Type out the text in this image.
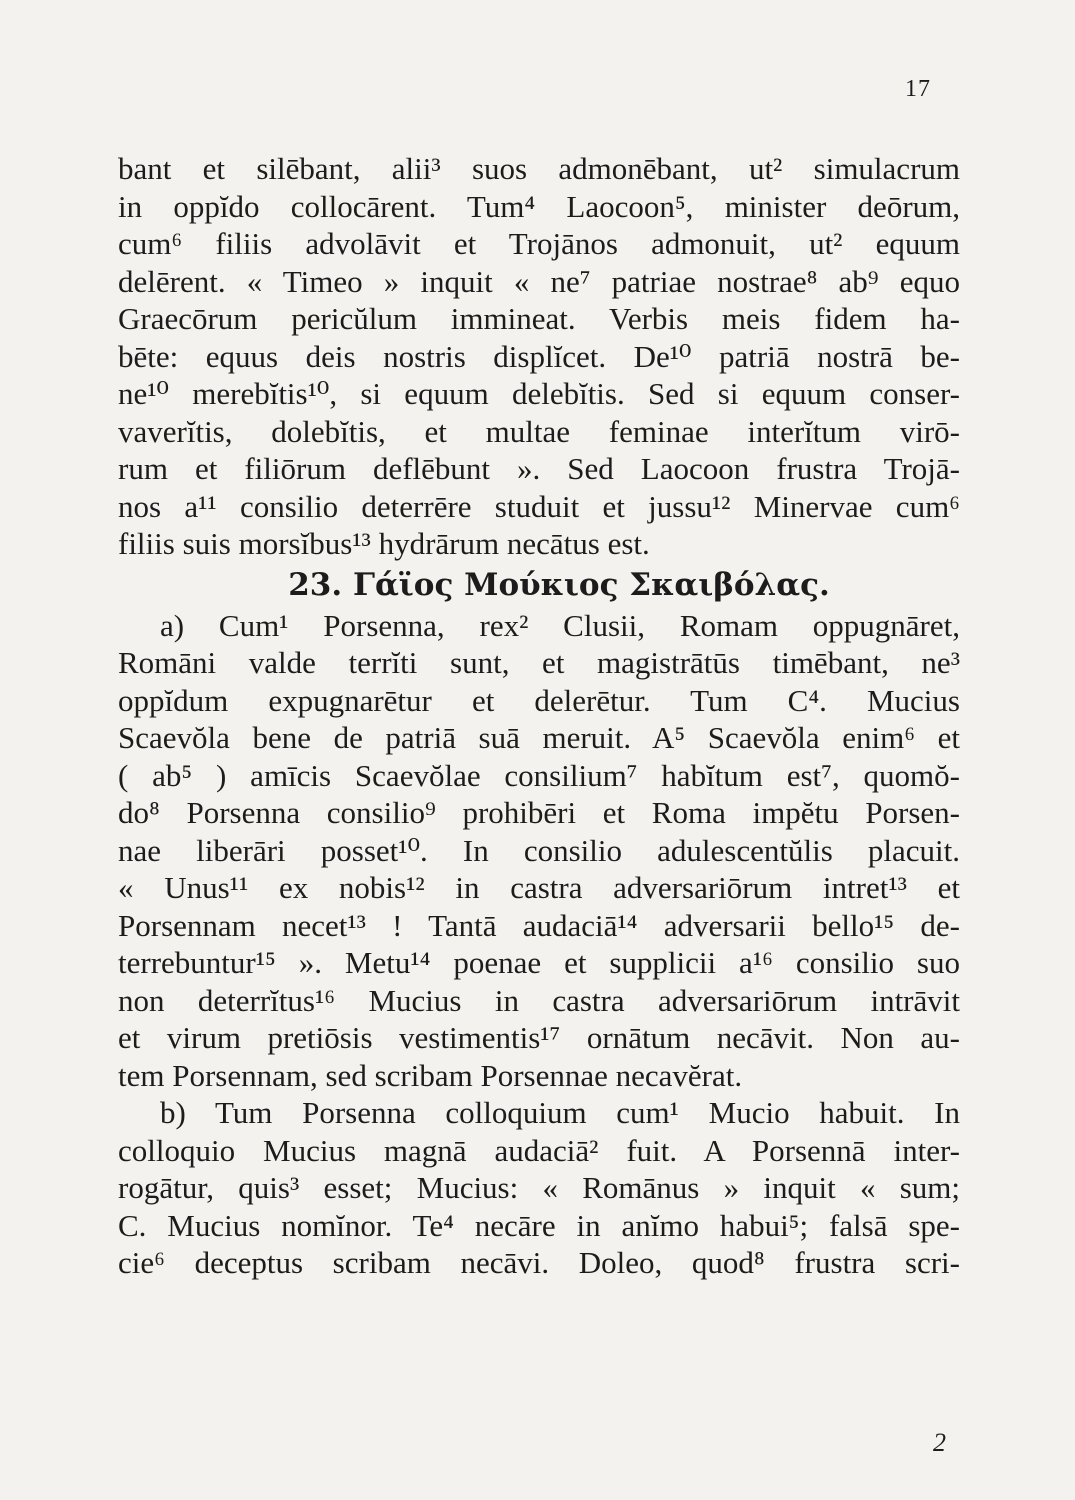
17
bant et silēbant, alii³ suos admonēbant, ut² simulacrum
in oppĭdo collocārent. Tum⁴ Laocoon⁵, minister deōrum,
cum⁶ filiis advolāvit et Trojānos admonuit, ut² equum
delērent. « Timeo » inquit « ne⁷ patriae nostrae⁸ ab⁹ equo
Graecōrum pericŭlum immineat. Verbis meis fidem ha-
bēte: equus deis nostris displĭcet. De¹⁰ patriā nostrā be-
ne¹⁰ merebĭtis¹⁰, si equum delebĭtis. Sed si equum conser-
vaverĭtis, dolebĭtis, et multae feminae interĭtum virō-
rum et filiōrum deflēbunt ». Sed Laocoon frustra Trojā-
nos a¹¹ consilio deterrēre studuit et jussu¹² Minervae cum⁶
filiis suis morsĭbus¹³ hydrārum necātus est.
23. Γάϊος Μούκιος Σκαιβόλας.
a) Cum¹ Porsenna, rex² Clusii, Romam oppugnāret,
Romāni valde terrĭti sunt, et magistrātūs timēbant, ne³
oppĭdum expugnarētur et delerētur. Tum C⁴. Mucius
Scaevŏla bene de patriā suā meruit. A⁵ Scaevŏla enim⁶ et
( ab⁵ ) amīcis Scaevŏlae consilium⁷ habĭtum est⁷, quomŏ-
do⁸ Porsenna consilio⁹ prohibēri et Roma impĕtu Porsen-
nae liberāri posset¹⁰. In consilio adulescentŭlis placuit.
« Unus¹¹ ex nobis¹² in castra adversariōrum intret¹³ et
Porsennam necet¹³ ! Tantā audaciā¹⁴ adversarii bello¹⁵ de-
terrebuntur¹⁵ ». Metu¹⁴ poenae et supplicii a¹⁶ consilio suo
non deterrĭtus¹⁶ Mucius in castra adversariōrum intrāvit
et virum pretiōsis vestimentis¹⁷ ornātum necāvit. Non au-
tem Porsennam, sed scribam Porsennae necavĕrat.
b) Tum Porsenna colloquium cum¹ Mucio habuit. In
colloquio Mucius magnā audaciā² fuit. A Porsennā inter-
rogātur, quis³ esset; Mucius: « Romānus » inquit « sum;
C. Mucius nomĭnor. Te⁴ necāre in anĭmo habui⁵; falsā spe-
cie⁶ deceptus scribam necāvi. Doleo, quod⁸ frustra scri-
2
